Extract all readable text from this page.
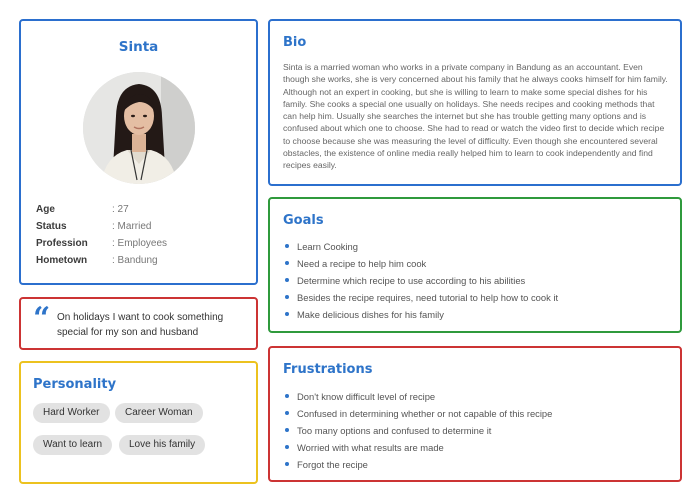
Sinta
Age	: 27
Status	: Married
Profession	: Employees
Hometown	: Bandung
“ On holidays I want to cook something special for my son and husband
Personality
Hard Worker	Career Woman
Want to learn	Love his family
Bio
Sinta is a married woman who works in a private company in Bandung as an accountant. Even though she works, she is very concerned about his family that he always cooks himself for him family. Although not an expert in cooking, but she is willing to learn to make some special dishes for his family. She cooks a special one usually on holidays. She needs recipes and cooking methods that can help him. Usually she searches the internet but she has trouble getting many options and is confused about which one to choose. She had to read or watch the video first to decide which recipe to choose because she was measuring the level of difficulty. Even though she encountered several obstacles, the existence of online media really helped him to learn to cook independently and find recipes easily.
Goals
Learn Cooking
Need a recipe to help him cook
Determine which recipe to use according to his abilities
Besides the recipe requires, need tutorial to help how to cook it
Make delicious dishes for his family
Frustrations
Don't know difficult level of recipe
Confused in determining whether or not capable of this recipe
Too many options and confused to determine it
Worried with what results are made
Forgot the recipe
